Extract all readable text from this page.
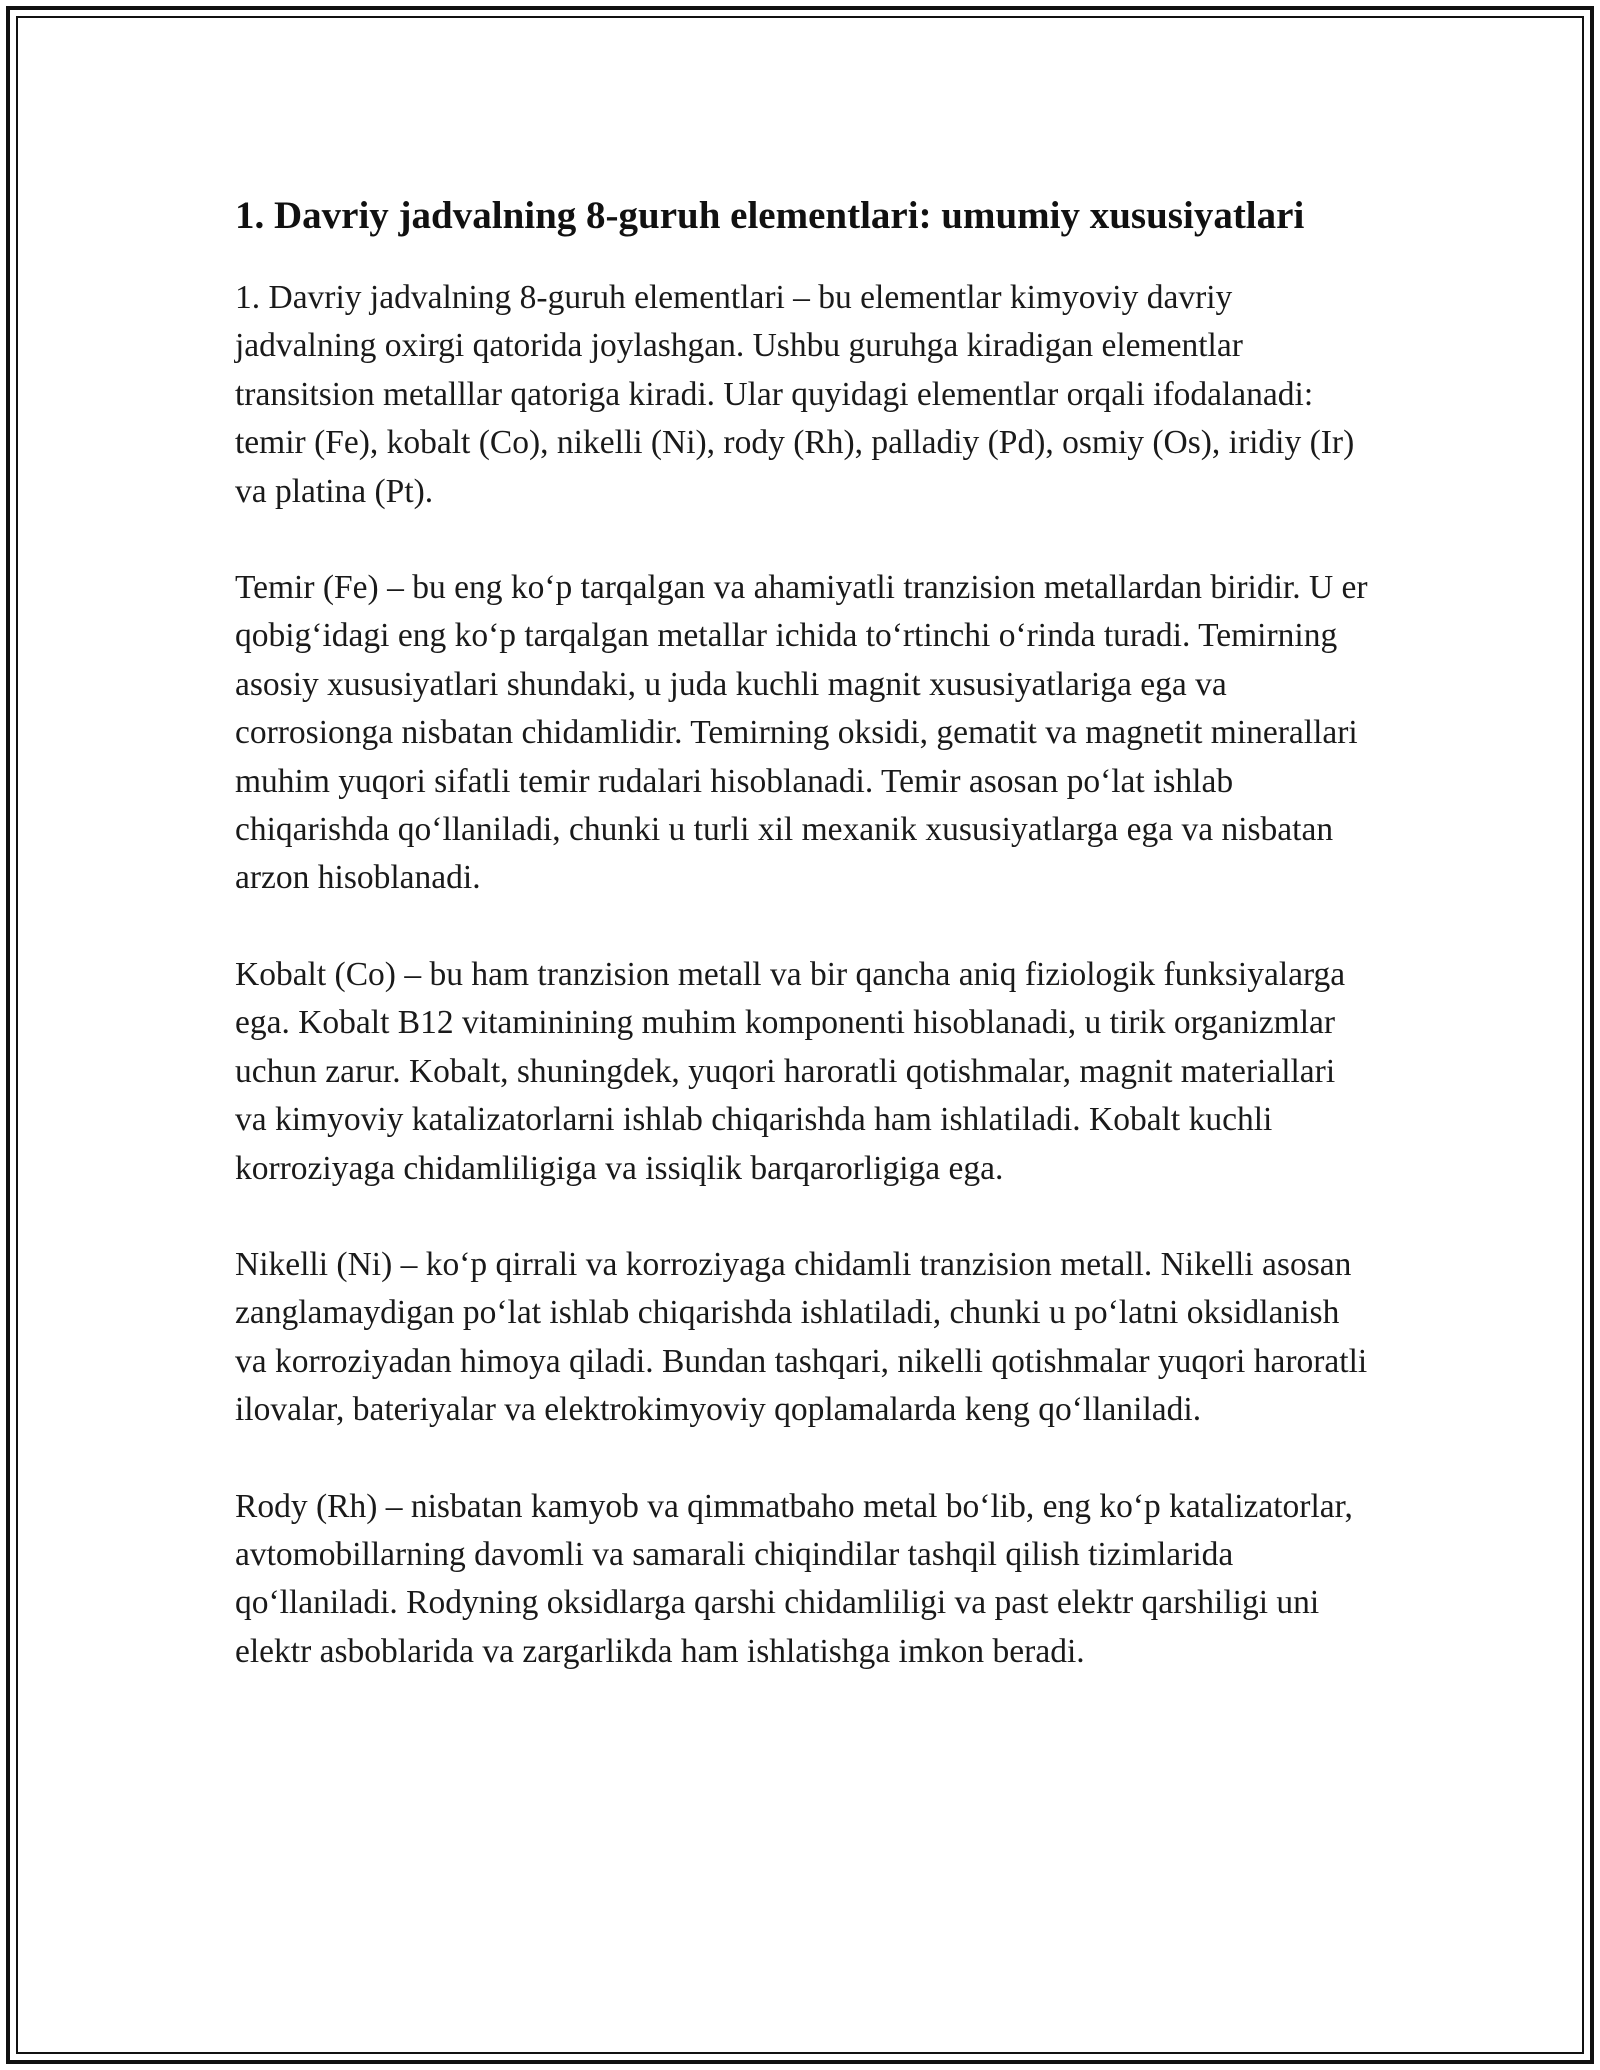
1. Davriy jadvalning 8-guruh elementlari: umumiy xususiyatlari

1. Davriy jadvalning 8-guruh elementlari – bu elementlar kimyoviy davriy jadvalning oxirgi qatorida joylashgan. Ushbu guruhga kiradigan elementlar transitsion metalllar qatoriga kiradi. Ular quyidagi elementlar orqali ifodalanadi: temir (Fe), kobalt (Co), nikelli (Ni), rody (Rh), palladiy (Pd), osmiy (Os), iridiy (Ir) va platina (Pt).

Temir (Fe) – bu eng koʻp tarqalgan va ahamiyatli tranzision metallardan biridir. U er qobigʻidagi eng koʻp tarqalgan metallar ichida toʻrtinchi oʻrinda turadi. Temirning asosiy xususiyatlari shundaki, u juda kuchli magnit xususiyatlariga ega va corrosionga nisbatan chidamlidir. Temirning oksidi, gematit va magnetit minerallari muhim yuqori sifatli temir rudalari hisoblanadi. Temir asosan poʻlat ishlab chiqarishda qoʻllaniladi, chunki u turli xil mexanik xususiyatlarga ega va nisbatan arzon hisoblanadi.

Kobalt (Co) – bu ham tranzision metall va bir qancha aniq fiziologik funksiyalarga ega. Kobalt B12 vitaminining muhim komponenti hisoblanadi, u tirik organizmlar uchun zarur. Kobalt, shuningdek, yuqori haroratli qotishmalar, magnit materiallari va kimyoviy katalizatorlarni ishlab chiqarishda ham ishlatiladi. Kobalt kuchli korroziyaga chidamliligiga va issiqlik barqarorligiga ega.

Nikelli (Ni) – koʻp qirrali va korroziyaga chidamli tranzision metall. Nikelli asosan zanglamaydigan poʻlat ishlab chiqarishda ishlatiladi, chunki u poʻlatni oksidlanish va korroziyadan himoya qiladi. Bundan tashqari, nikelli qotishmalar yuqori haroratli ilovalar, bateriyalar va elektrokimyoviy qoplamalarda keng qoʻllaniladi.

Rody (Rh) – nisbatan kamyob va qimmatbaho metal boʻlib, eng koʻp katalizatorlar, avtomobillarning davomli va samarali chiqindilar tashqil qilish tizimlarida qoʻllaniladi. Rodyning oksidlarga qarshi chidamliligi va past elektr qarshiligi uni elektr asboblarida va zargarlikda ham ishlatishga imkon beradi.
